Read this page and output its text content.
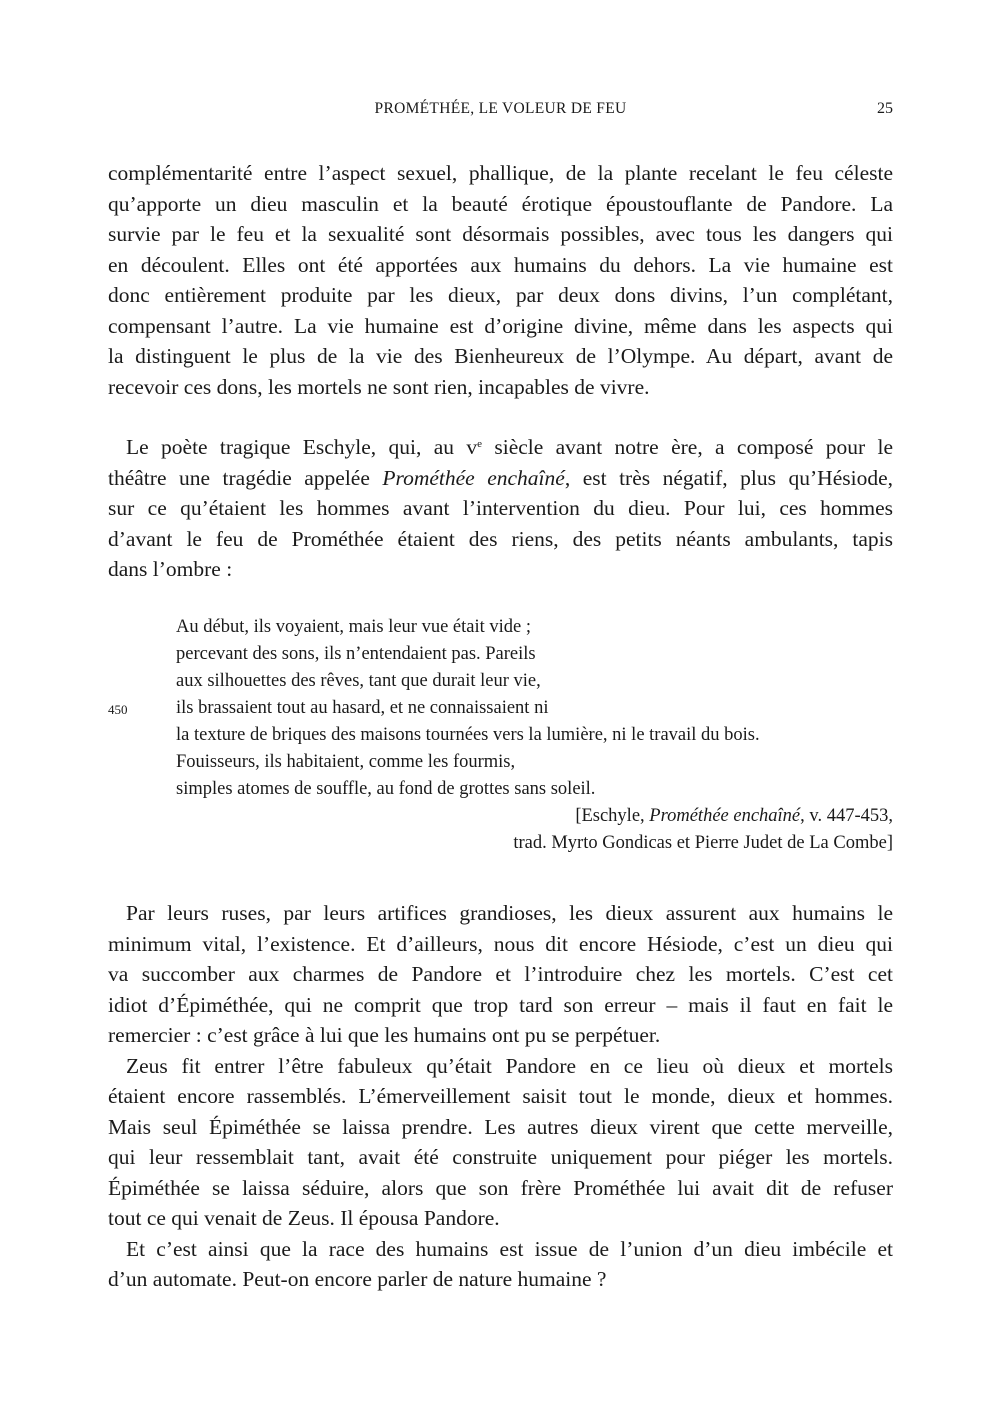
PROMÉTHÉE, LE VOLEUR DE FEU	25
complémentarité entre l’aspect sexuel, phallique, de la plante recelant le feu céleste
qu’apporte un dieu masculin et la beauté érotique époustouflante de Pandore. La
survie par le feu et la sexualité sont désormais possibles, avec tous les dangers qui
en découlent. Elles ont été apportées aux humains du dehors. La vie humaine est
donc entièrement produite par les dieux, par deux dons divins, l’un complétant,
compensant l’autre. La vie humaine est d’origine divine, même dans les aspects qui
la distinguent le plus de la vie des Bienheureux de l’Olympe. Au départ, avant de
recevoir ces dons, les mortels ne sont rien, incapables de vivre.
Le poète tragique Eschyle, qui, au $v^e$ siècle avant notre ère, a composé pour le
théâtre une tragédie appelée Prométhée enchaîné, est très négatif, plus qu’Hésiode,
sur ce qu’étaient les hommes avant l’intervention du dieu. Pour lui, ces hommes
d’avant le feu de Prométhée étaient des riens, des petits néants ambulants, tapis
dans l’ombre :
Au début, ils voyaient, mais leur vue était vide ;
percevant des sons, ils n’entendaient pas. Pareils
aux silhouettes des rêves, tant que durait leur vie,
450	ils brassaient tout au hasard, et ne connaissaient ni
la texture de briques des maisons tournées vers la lumière, ni le travail du bois.
Fouisseurs, ils habitaient, comme les fourmis,
simples atomes de souffle, au fond de grottes sans soleil.
[Eschyle, Prométhée enchaîné, v. 447-453,
trad. Myrto Gondicas et Pierre Judet de La Combe]
Par leurs ruses, par leurs artifices grandioses, les dieux assurent aux humains le
minimum vital, l’existence. Et d’ailleurs, nous dit encore Hésiode, c’est un dieu qui
va succomber aux charmes de Pandore et l’introduire chez les mortels. C’est cet
idiot d’Épiméthée, qui ne comprit que trop tard son erreur – mais il faut en fait le
remercier : c’est grâce à lui que les humains ont pu se perpétuer.
Zeus fit entrer l’être fabuleux qu’était Pandore en ce lieu où dieux et mortels
étaient encore rassemblés. L’émerveillement saisit tout le monde, dieux et hommes.
Mais seul Épiméthée se laissa prendre. Les autres dieux virent que cette merveille,
qui leur ressemblait tant, avait été construite uniquement pour piéger les mortels.
Épiméthée se laissa séduire, alors que son frère Prométhée lui avait dit de refuser
tout ce qui venait de Zeus. Il épousa Pandore.
Et c’est ainsi que la race des humains est issue de l’union d’un dieu imbécile et
d’un automate. Peut-on encore parler de nature humaine ?
